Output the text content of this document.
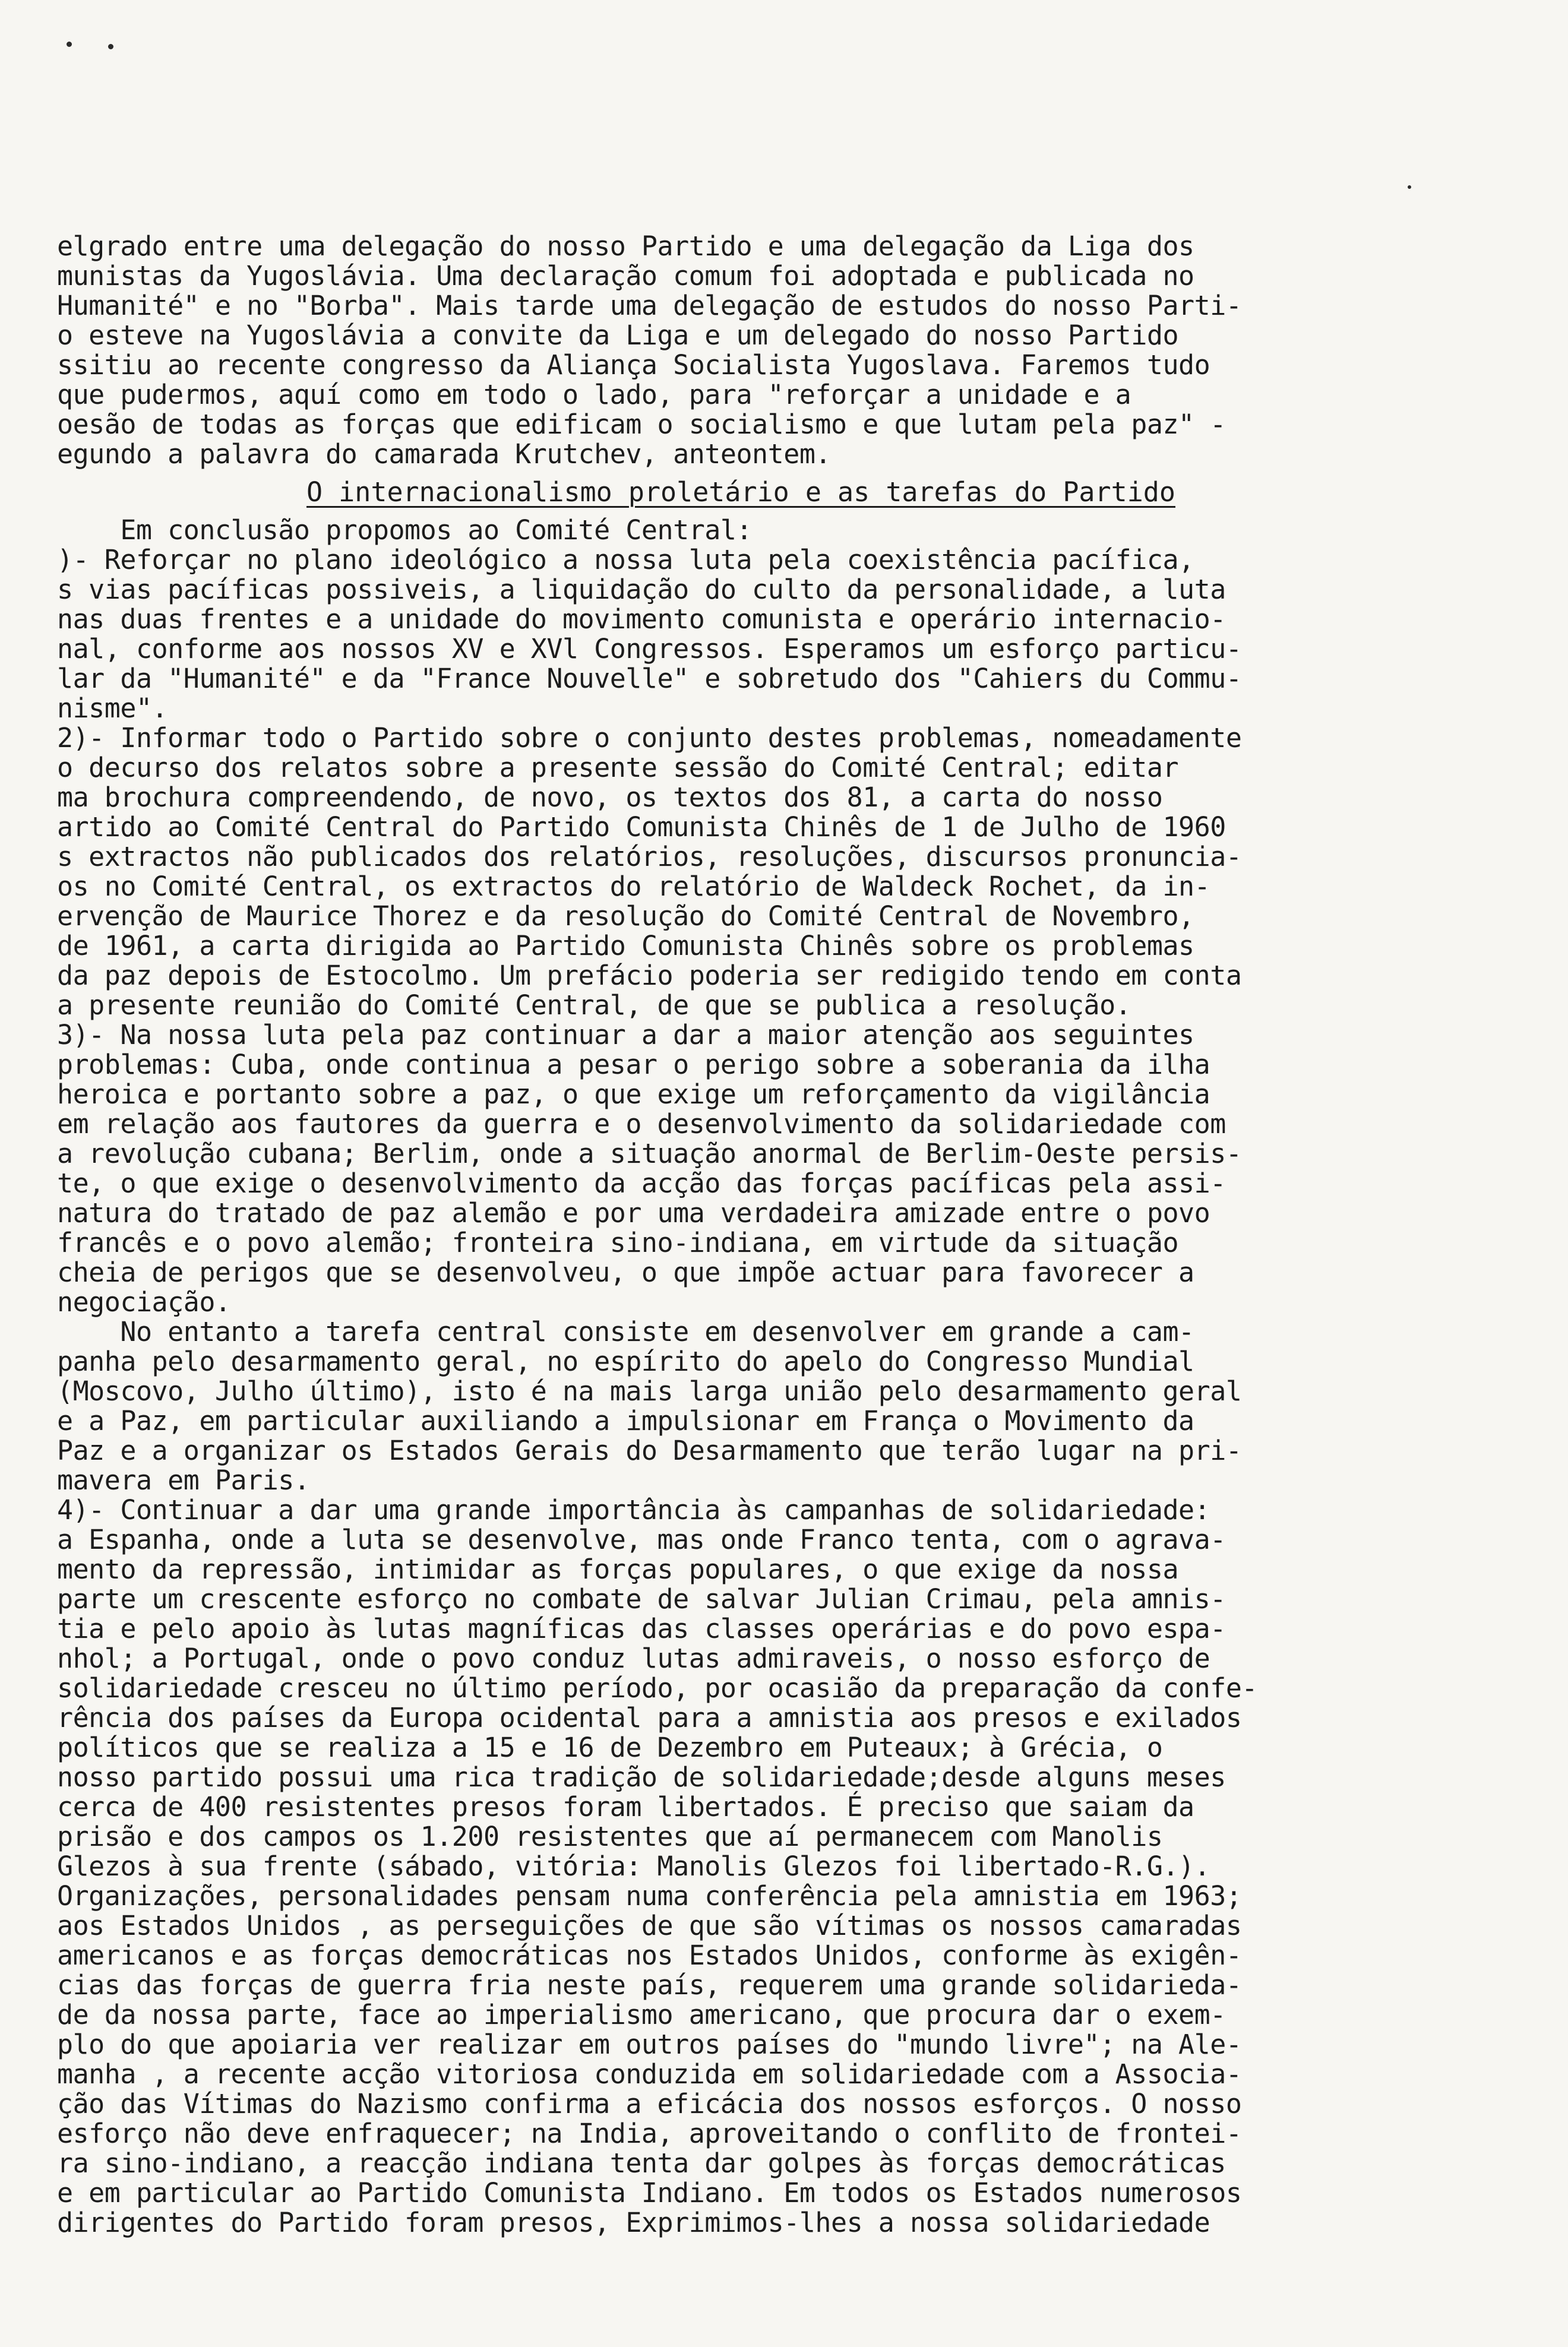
elgrado entre uma delegação do nosso Partido e uma delegação da Liga dos
munistas da Yugoslávia. Uma declaração comum foi adoptada e publicada no
Humanité" e no "Borba". Mais tarde uma delegação de estudos do nosso Parti-
o esteve na Yugoslávia a convite da Liga e um delegado do nosso Partido
ssitiu ao recente congresso da Aliança Socialista Yugoslava. Faremos tudo
que pudermos, aquí como em todo o lado, para "reforçar a unidade e a
oesão de todas as forças que edificam o socialismo e que lutam pela paz" -
egundo a palavra do camarada Krutchev, anteontem.
O internacionalismo proletário e as tarefas do Partido
Em conclusão propomos ao Comité Central:
)- Reforçar no plano ideológico a nossa luta pela coexistência pacífica,
s vias pacíficas possiveis, a liquidação do culto da personalidade, a luta
nas duas frentes e a unidade do movimento comunista e operário internacio-
nal, conforme aos nossos XV e XVl Congressos. Esperamos um esforço particu-
lar da "Humanité" e da "France Nouvelle" e sobretudo dos "Cahiers du Commu-
nisme".
2)- Informar todo o Partido sobre o conjunto destes problemas, nomeadamente
o decurso dos relatos sobre a presente sessão do Comité Central; editar
ma brochura compreendendo, de novo, os textos dos 81, a carta do nosso
artido ao Comité Central do Partido Comunista Chinês de 1 de Julho de 1960
s extractos não publicados dos relatórios, resoluções, discursos pronuncia-
os no Comité Central, os extractos do relatório de Waldeck Rochet, da in-
ervenção de Maurice Thorez e da resolução do Comité Central de Novembro,
de 1961, a carta dirigida ao Partido Comunista Chinês sobre os problemas
da paz depois de Estocolmo. Um prefácio poderia ser redigido tendo em conta
a presente reunião do Comité Central, de que se publica a resolução.
3)- Na nossa luta pela paz continuar a dar a maior atenção aos seguintes
problemas: Cuba, onde continua a pesar o perigo sobre a soberania da ilha
heroica e portanto sobre a paz, o que exige um reforçamento da vigilância
em relação aos fautores da guerra e o desenvolvimento da solidariedade com
a revolução cubana; Berlim, onde a situação anormal de Berlim-Oeste persis-
te, o que exige o desenvolvimento da acção das forças pacíficas pela assi-
natura do tratado de paz alemão e por uma verdadeira amizade entre o povo
francês e o povo alemão; fronteira sino-indiana, em virtude da situação
cheia de perigos que se desenvolveu, o que impõe actuar para favorecer a
negociação.
No entanto a tarefa central consiste em desenvolver em grande a cam-
panha pelo desarmamento geral, no espírito do apelo do Congresso Mundial
(Moscovo, Julho último), isto é na mais larga união pelo desarmamento geral
e a Paz, em particular auxiliando a impulsionar em França o Movimento da
Paz e a organizar os Estados Gerais do Desarmamento que terão lugar na pri-
mavera em Paris.
4)- Continuar a dar uma grande importância às campanhas de solidariedade:
a Espanha, onde a luta se desenvolve, mas onde Franco tenta, com o agrava-
mento da repressão, intimidar as forças populares, o que exige da nossa
parte um crescente esforço no combate de salvar Julian Crimau, pela amnis-
tia e pelo apoio às lutas magníficas das classes operárias e do povo espa-
nhol; a Portugal, onde o povo conduz lutas admiraveis, o nosso esforço de
solidariedade cresceu no último período, por ocasião da preparação da confe-
rência dos países da Europa ocidental para a amnistia aos presos e exilados
políticos que se realiza a 15 e 16 de Dezembro em Puteaux; à Grécia, o
nosso partido possui uma rica tradição de solidariedade;desde alguns meses
cerca de 400 resistentes presos foram libertados. É preciso que saiam da
prisão e dos campos os 1.200 resistentes que aí permanecem com Manolis
Glezos à sua frente (sábado, vitória: Manolis Glezos foi libertado-R.G.).
Organizações, personalidades pensam numa conferência pela amnistia em 1963;
aos Estados Unidos , as perseguições de que são vítimas os nossos camaradas
americanos e as forças democráticas nos Estados Unidos, conforme às exigên-
cias das forças de guerra fria neste país, requerem uma grande solidarieda-
de da nossa parte, face ao imperialismo americano, que procura dar o exem-
plo do que apoiaria ver realizar em outros países do "mundo livre"; na Ale-
manha , a recente acção vitoriosa conduzida em solidariedade com a Associa-
ção das Vítimas do Nazismo confirma a eficácia dos nossos esforços. O nosso
esforço não deve enfraquecer; na India, aproveitando o conflito de frontei-
ra sino-indiano, a reacção indiana tenta dar golpes às forças democráticas
e em particular ao Partido Comunista Indiano. Em todos os Estados numerosos
dirigentes do Partido foram presos, Exprimimos-lhes a nossa solidariedade
